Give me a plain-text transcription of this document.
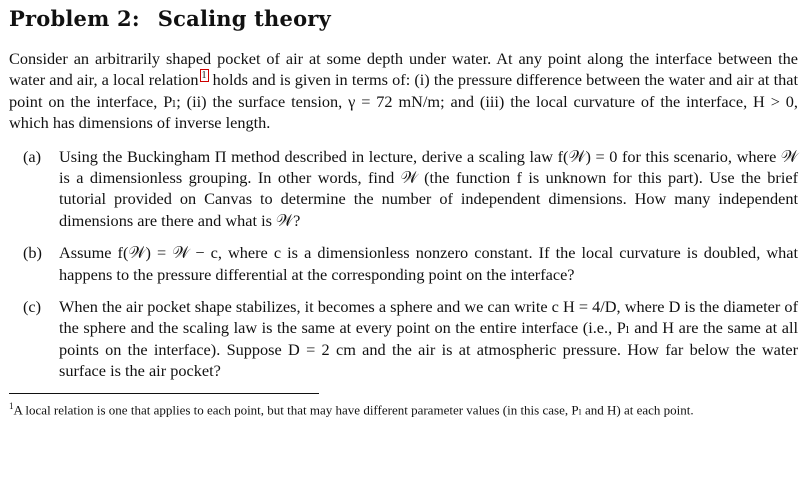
Problem 2: Scaling theory

Consider an arbitrarily shaped pocket of air at some depth under water. At any point along the interface between the water and air, a local relation 1 holds and is given in terms of: (i) the pressure difference between the water and air at that point on the interface, Pₗ; (ii) the surface tension, γ = 72 mN/m; and (iii) the local curvature of the interface, H > 0, which has dimensions of inverse length.

(a)	Using the Buckingham Π method described in lecture, derive a scaling law f(𝒲) = 0 for this scenario, where 𝒲 is a dimensionless grouping. In other words, find 𝒲 (the function f is unknown for this part). Use the brief tutorial provided on Canvas to determine the number of independent dimensions. How many independent dimensions are there and what is 𝒲?
(b)	Assume f(𝒲) = 𝒲 − c, where c is a dimensionless nonzero constant. If the local curvature is doubled, what happens to the pressure differential at the corresponding point on the interface?
(c)	When the air pocket shape stabilizes, it becomes a sphere and we can write c H = 4/D, where D is the diameter of the sphere and the scaling law is the same at every point on the entire interface (i.e., Pₗ and H are the same at all points on the interface). Suppose D = 2 cm and the air is at atmospheric pressure. How far below the water surface is the air pocket?
$^1$A local relation is one that applies to each point, but that may have different parameter values (in this case, Pₗ and H) at each point.
